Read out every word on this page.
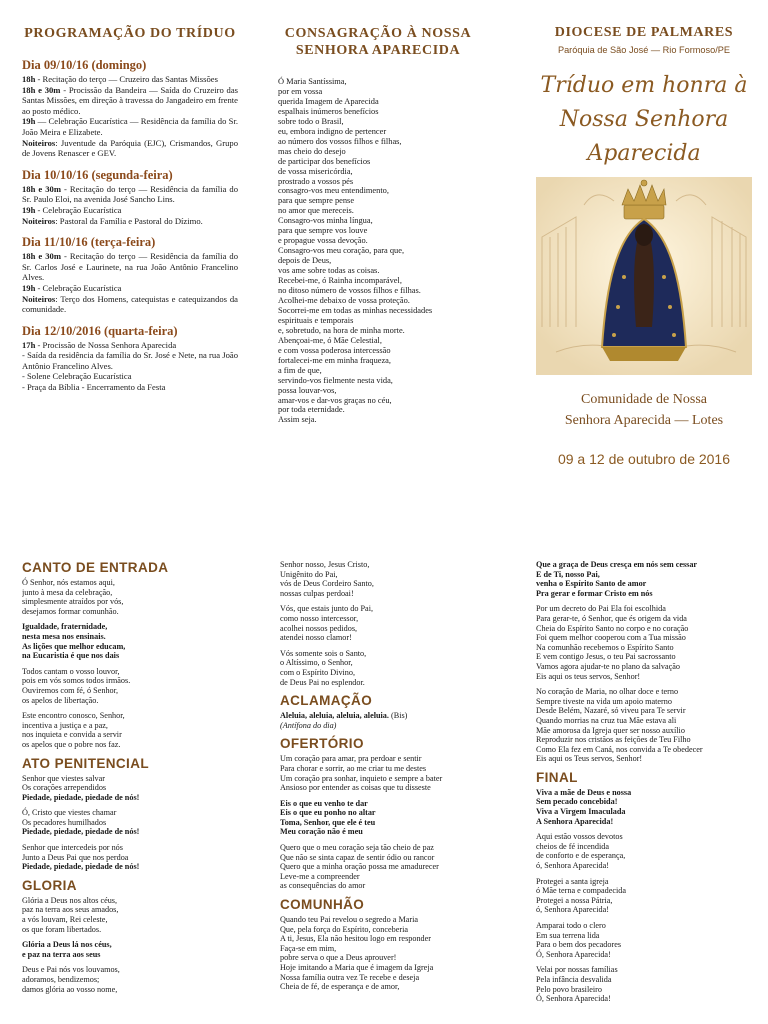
PROGRAMAÇÃO DO TRÍDUO
Dia 09/10/16 (domingo)

18h - Recitação do terço — Cruzeiro das Santas Missões

18h e 30m - Procissão da Bandeira — Saída do Cruzeiro das Santas Missões, em direção à travessa do Jangadeiro em frente ao posto médico.

19h — Celebração Eucarística — Residência da família do Sr. João Meira e Elizabete.

Noiteiros: Juventude da Paróquia (EJC), Crismandos, Grupo de Jovens Renascer e GEV.

Dia 10/10/16 (segunda-feira)

18h e 30m - Recitação do terço — Residência da família do Sr. Paulo Eloi, na avenida José Sancho Lins.

19h - Celebração Eucarística

Noiteiros: Pastoral da Família e Pastoral do Dízimo.

Dia 11/10/16 (terça-feira)

18h e 30m - Recitação do terço — Residência da família do Sr. Carlos José e Laurinete, na rua João Antônio Francelino Alves.

19h - Celebração Eucarística

Noiteiros: Terço dos Homens, catequistas e catequizandos da comunidade.

Dia 12/10/2016 (quarta-feira)

17h - Procissão de Nossa Senhora Aparecida

- Saída da residência da família do Sr. José e Nete, na rua João Antônio Francelino Alves.

- Solene Celebração Eucarística

- Praça da Bíblia - Encerramento da Festa

CONSAGRAÇÃO À NOSSA SENHORA APARECIDA

Ó Maria Santíssima,
por em vossa
querida Imagem de Aparecida
espalhais inúmeros benefícios
sobre todo o Brasil,
eu, embora indigno de pertencer
ao número dos vossos filhos e filhas,
mas cheio do desejo
de participar dos benefícios
de vossa misericórdia,
prostrado a vossos pés
consagro-vos meu entendimento,
para que sempre pense
no amor que mereceis.
Consagro-vos minha língua,
para que sempre vos louve
e propague vossa devoção.
Consagro-vos meu coração, para que,
depois de Deus,
vos ame sobre todas as coisas.
Recebei-me, ó Rainha incomparável,
no ditoso número de vossos filhos e filhas.
Acolhei-me debaixo de vossa proteção.
Socorrei-me em todas as minhas necessidades
espirituais e temporais
e, sobretudo, na hora de minha morte.
Abençoai-me, ó Mãe Celestial,
e com vossa poderosa intercessão
fortalecei-me em minha fraqueza,
a fim de que,
servindo-vos fielmente nesta vida,
possa louvar-vos,
amar-vos e dar-vos graças no céu,
por toda eternidade.
Assim seja.

DIOCESE DE PALMARES

Paróquia de São José — Rio Formoso/PE

Tríduo em honra à
Nossa Senhora
Aparecida

Comunidade de Nossa
Senhora Aparecida — Lotes

09 a 12 de outubro de 2016

CANTO DE ENTRADA

Ó Senhor, nós estamos aqui,
junto à mesa da celebração,
simplesmente atraídos por vós,
desejamos formar comunhão.

Igualdade, fraternidade,
nesta mesa nos ensinais.
As lições que melhor educam,
na Eucaristia é que nos dais

Todos cantam o vosso louvor,
pois em vós somos todos irmãos.
Ouviremos com fé, ó Senhor,
os apelos de libertação.

Este encontro conosco, Senhor,
incentiva a justiça e a paz,
nos inquieta e convida a servir
os apelos que o pobre nos faz.

ATO PENITENCIAL

Senhor que viestes salvar
Os corações arrependidos

Piedade, piedade, piedade de nós!

Ó, Cristo que viestes chamar
Os pecadores humilhados

Piedade, piedade, piedade de nós!

Senhor que intercedeis por nós
Junto a Deus Pai que nos perdoa

Piedade, piedade, piedade de nós!

GLORIA

Glória a Deus nos altos céus,
paz na terra aos seus amados,
a vós louvam, Rei celeste,
os que foram libertados.

Glória a Deus lá nos céus,
e paz na terra aos seus

Deus e Pai nós vos louvamos,
adoramos, bendizemos;
damos glória ao vosso nome,

Senhor nosso, Jesus Cristo,
Unigênito do Pai,
vós de Deus Cordeiro Santo,
nossas culpas perdoai!

Vós, que estais junto do Pai,
como nosso intercessor,
acolhei nossos pedidos,
atendei nosso clamor!

Vós somente sois o Santo,
o Altíssimo, o Senhor,
com o Espírito Divino,
de Deus Pai no esplendor.

ACLAMAÇÃO

Aleluia, aleluia, aleluia, aleluia. (Bis)

(Antífona do dia)

OFERTÓRIO

Um coração para amar, pra perdoar e sentir
Para chorar e sorrir, ao me criar tu me destes
Um coração pra sonhar, inquieto e sempre a bater
Ansioso por entender as coisas que tu disseste

Eis o que eu venho te dar
Eis o que eu ponho no altar
Toma, Senhor, que ele é teu
Meu coração não é meu

Quero que o meu coração seja tão cheio de paz
Que não se sinta capaz de sentir ódio ou rancor
Quero que a minha oração possa me amadurecer
Leve-me a compreender
as consequências do amor

COMUNHÃO

Quando teu Pai revelou o segredo a Maria
Que, pela força do Espírito, conceberia
A ti, Jesus, Ela não hesitou logo em responder
Faça-se em mim,
pobre serva o que a Deus aprouver!
Hoje imitando a Maria que é imagem da Igreja
Nossa família outra vez Te recebe e deseja
Cheia de fé, de esperança e de amor,

Que a graça de Deus cresça em nós sem cessar
E de Ti, nosso Pai,
venha o Espírito Santo de amor
Pra gerar e formar Cristo em nós

Por um decreto do Pai Ela foi escolhida
Para gerar-te, ó Senhor, que és origem da vida
Cheia do Espírito Santo no corpo e no coração
Foi quem melhor cooperou com a Tua missão
Na comunhão recebemos o Espírito Santo
E vem contigo Jesus, o teu Pai sacrossanto
Vamos agora ajudar-te no plano da salvação
Eis aqui os teus servos, Senhor!

No coração de Maria, no olhar doce e terno
Sempre tiveste na vida um apoio materno
Desde Belém, Nazaré, só viveu para Te servir
Quando morrias na cruz tua Mãe estava ali
Mãe amorosa da Igreja quer ser nosso auxílio
Reproduzir nos cristãos as feições de Teu Filho
Como Ela fez em Caná, nos convida a Te obedecer
Eis aqui os Teus servos, Senhor!

FINAL

Viva a mãe de Deus e nossa
Sem pecado concebida!
Viva a Virgem Imaculada
A Senhora Aparecida!

Aqui estão vossos devotos
cheios de fé incendida
de conforto e de esperança,
ó, Senhora Aparecida!

Protegei a santa igreja
ó Mãe terna e compadecida
Protegei a nossa Pátria,
ó, Senhora Aparecida!

Amparai todo o clero
Em sua terrena lida
Para o bem dos pecadores
Ó, Senhora Aparecida!

Velai por nossas famílias
Pela infância desvalida
Pelo povo brasileiro
Ó, Senhora Aparecida!
